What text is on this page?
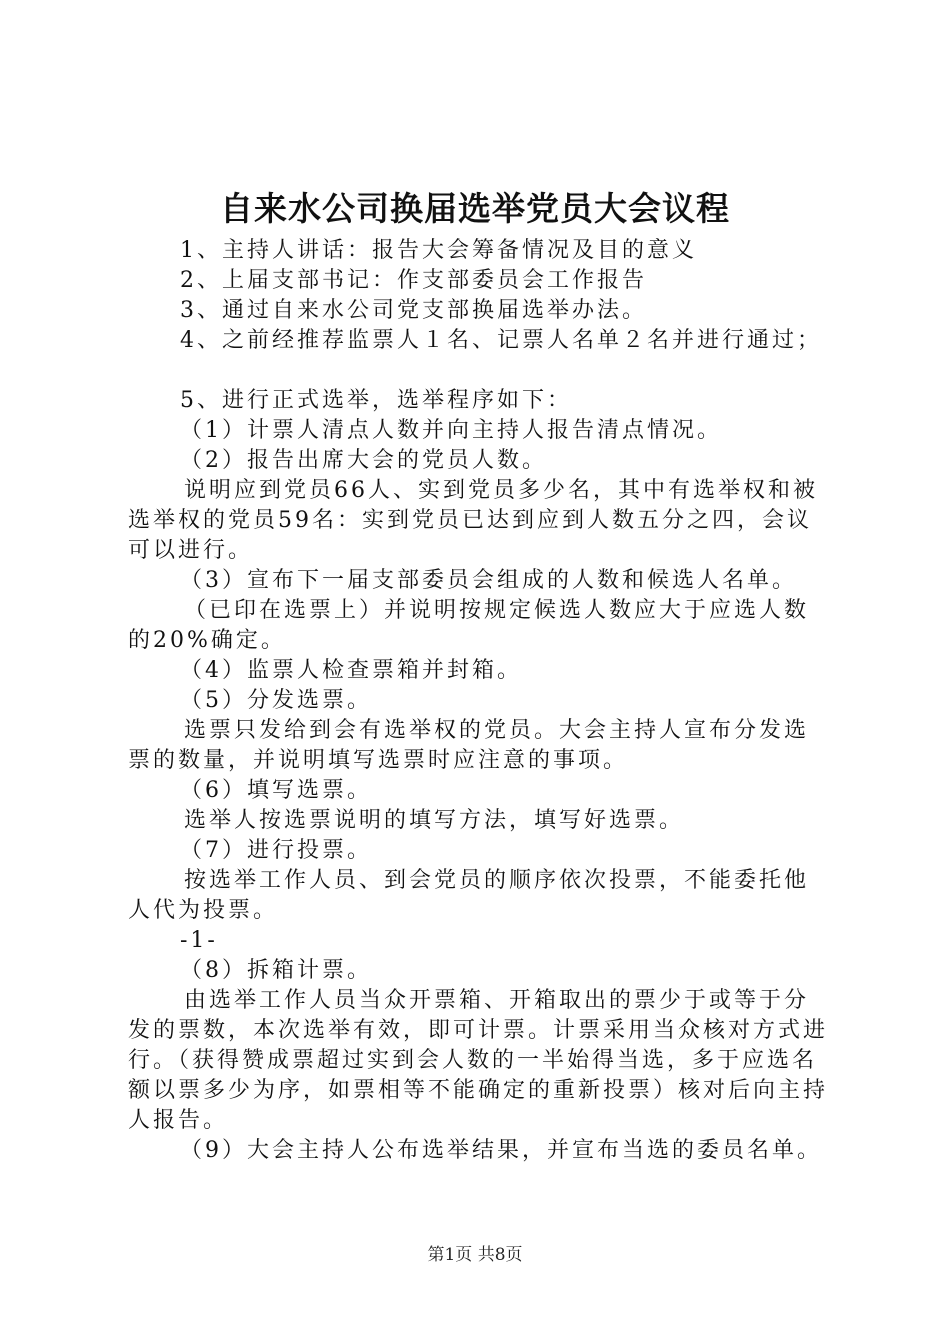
自来水公司换届选举党员大会议程

1、主持人讲话：报告大会筹备情况及目的意义

2、上届支部书记：作支部委员会工作报告

3、通过自来水公司党支部换届选举办法。

4、之前经推荐监票人１名、记票人名单２名并进行通过；

5、进行正式选举，选举程序如下：

（1）计票人清点人数并向主持人报告清点情况。

（2）报告出席大会的党员人数。

说明应到党员66人、实到党员多少名，其中有选举权和被选举权的党员59名：实到党员已达到应到人数五分之四，会议可以进行。

（3）宣布下一届支部委员会组成的人数和候选人名单。

（已印在选票上）并说明按规定候选人数应大于应选人数的20%确定。

（4）监票人检查票箱并封箱。

（5）分发选票。

选票只发给到会有选举权的党员。大会主持人宣布分发选票的数量，并说明填写选票时应注意的事项。

（6）填写选票。

选举人按选票说明的填写方法，填写好选票。

（7）进行投票。

按选举工作人员、到会党员的顺序依次投票，不能委托他人代为投票。

-1-

（8）拆箱计票。

由选举工作人员当众开票箱、开箱取出的票少于或等于分发的票数，本次选举有效，即可计票。计票采用当众核对方式进行。（获得赞成票超过实到会人数的一半始得当选，多于应选名额以票多少为序，如票相等不能确定的重新投票）核对后向主持人报告。

（9）大会主持人公布选举结果，并宣布当选的委员名单。

第1页 共8页
